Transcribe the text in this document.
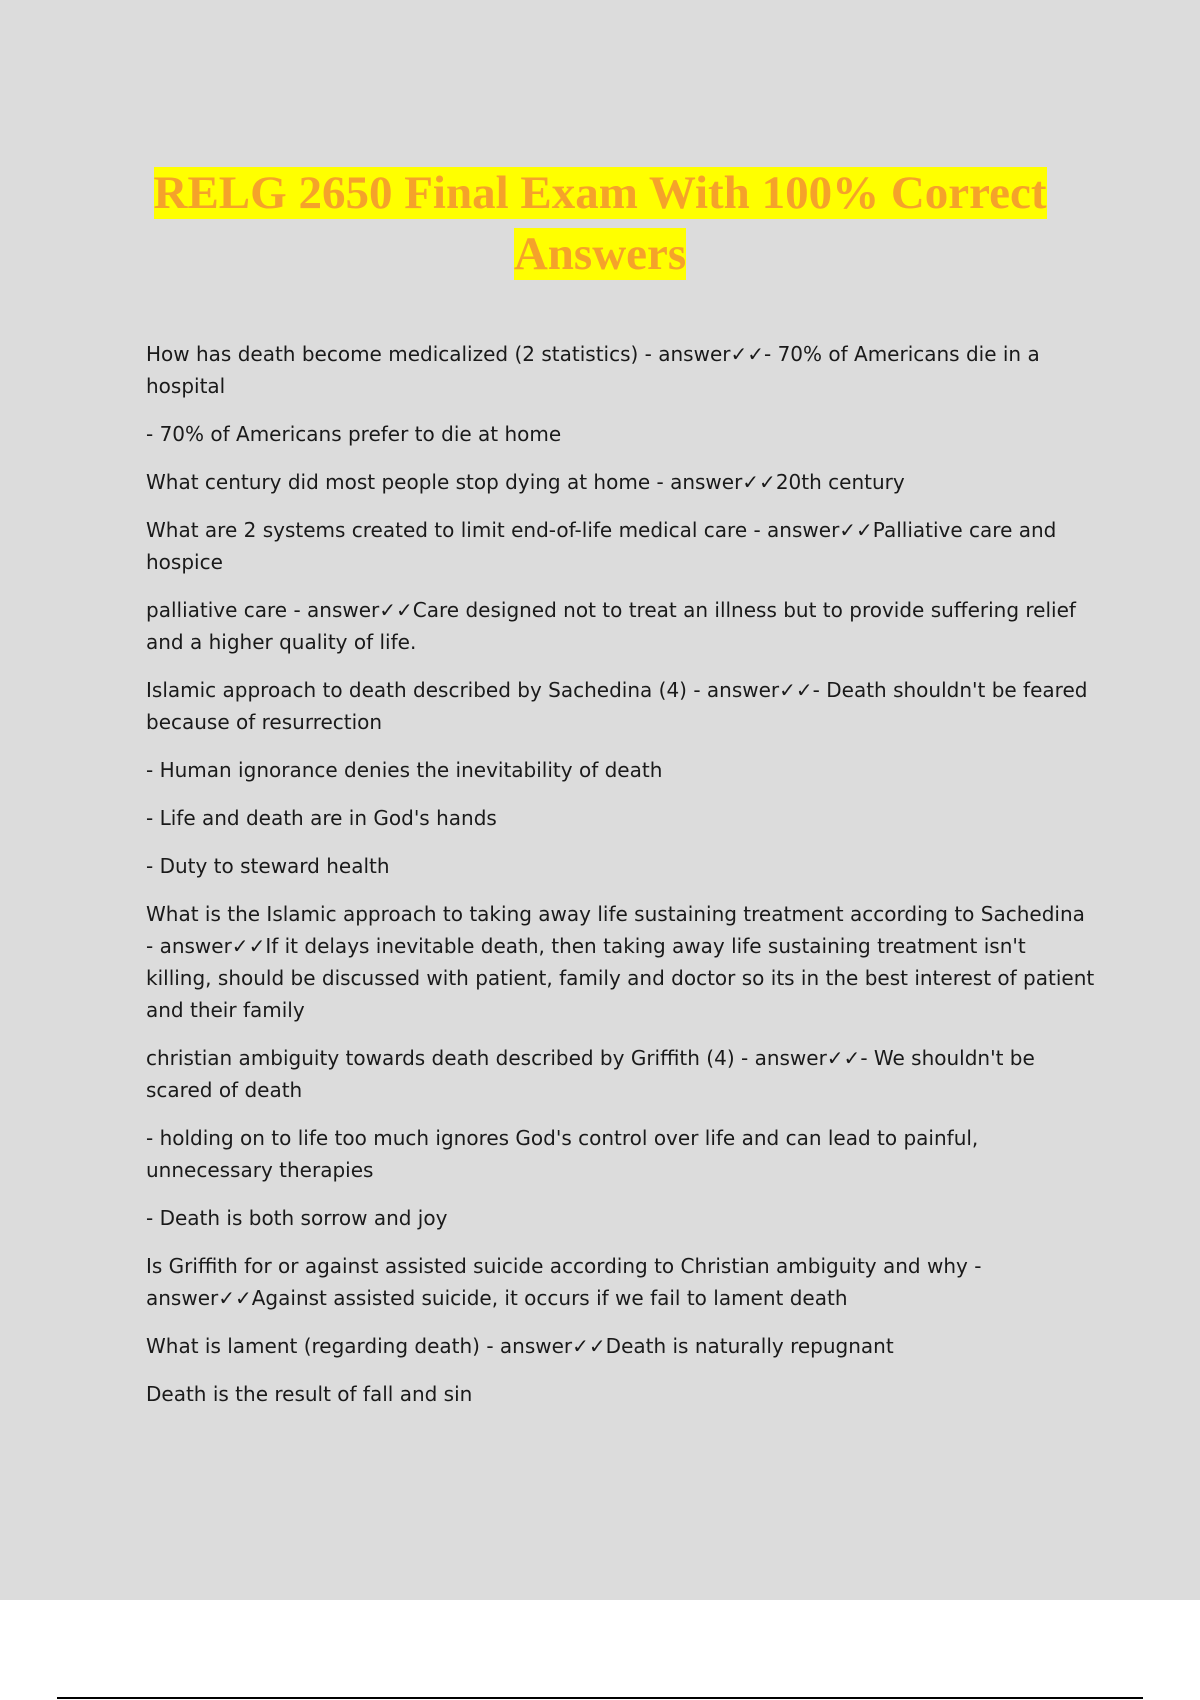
RELG 2650 Final Exam With 100% Correct
Answers

How has death become medicalized (2 statistics) - answer✓✓- 70% of Americans die in a hospital

- 70% of Americans prefer to die at home

What century did most people stop dying at home - answer✓✓20th century

What are 2 systems created to limit end-of-life medical care - answer✓✓Palliative care and hospice

palliative care - answer✓✓Care designed not to treat an illness but to provide suffering relief and a higher quality of life.

Islamic approach to death described by Sachedina (4) - answer✓✓- Death shouldn't be feared because of resurrection

- Human ignorance denies the inevitability of death

- Life and death are in God's hands

- Duty to steward health

What is the Islamic approach to taking away life sustaining treatment according to Sachedina - answer✓✓If it delays inevitable death, then taking away life sustaining treatment isn't killing, should be discussed with patient, family and doctor so its in the best interest of patient and their family

christian ambiguity towards death described by Griffith (4) - answer✓✓- We shouldn't be scared of death

- holding on to life too much ignores God's control over life and can lead to painful, unnecessary therapies

- Death is both sorrow and joy

Is Griffith for or against assisted suicide according to Christian ambiguity and why - answer✓✓Against assisted suicide, it occurs if we fail to lament death

What is lament (regarding death) - answer✓✓Death is naturally repugnant

Death is the result of fall and sin
